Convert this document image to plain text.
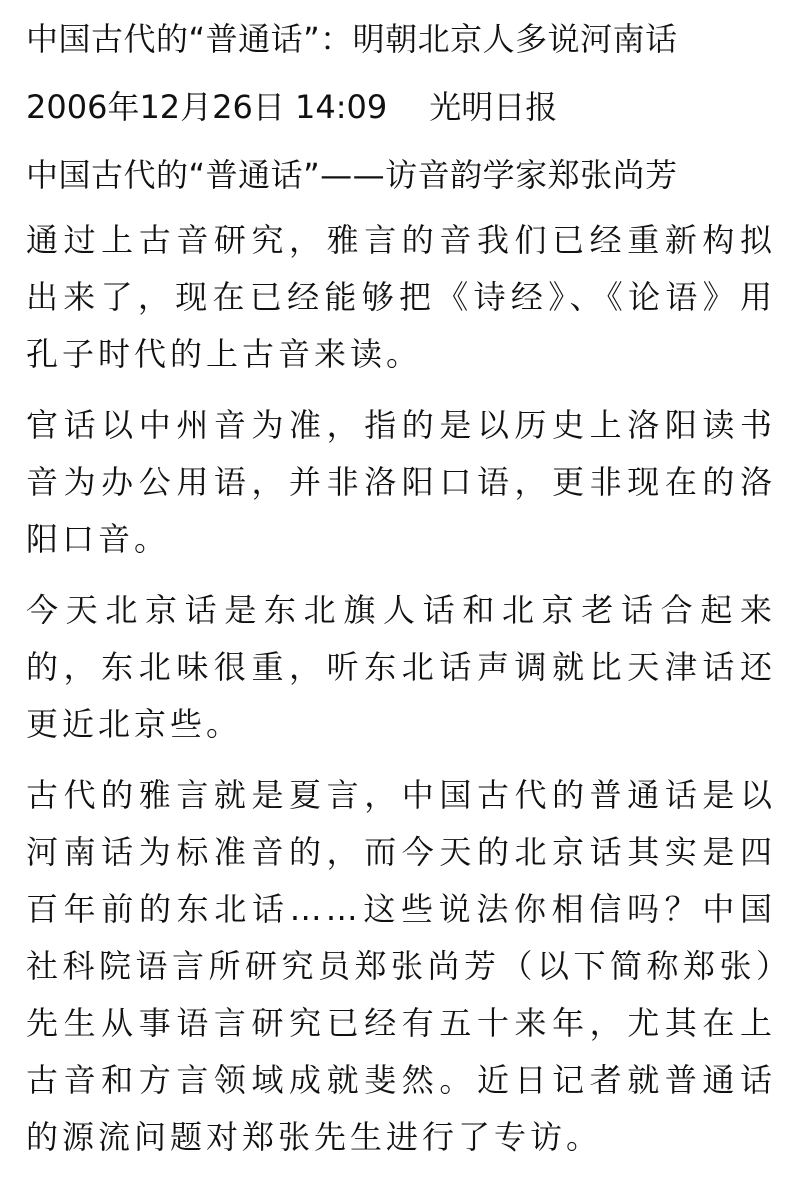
中国古代的“普通话”：明朝北京人多说河南话
2006年12月26日 14:09 光明日报
中国古代的“普通话”——访音韵学家郑张尚芳

通过上古音研究，雅言的音我们已经重新构拟出来了，现在已经能够把《诗经》、《论语》用孔子时代的上古音来读。

官话以中州音为准，指的是以历史上洛阳读书音为办公用语，并非洛阳口语，更非现在的洛阳口音。

今天北京话是东北旗人话和北京老话合起来的，东北味很重，听东北话声调就比天津话还更近北京些。

古代的雅言就是夏言，中国古代的普通话是以河南话为标准音的，而今天的北京话其实是四百年前的东北话……这些说法你相信吗？中国社科院语言所研究员郑张尚芳（以下简称郑张）先生从事语言研究已经有五十来年，尤其在上古音和方言领域成就斐然。近日记者就普通话的源流问题对郑张先生进行了专访。
